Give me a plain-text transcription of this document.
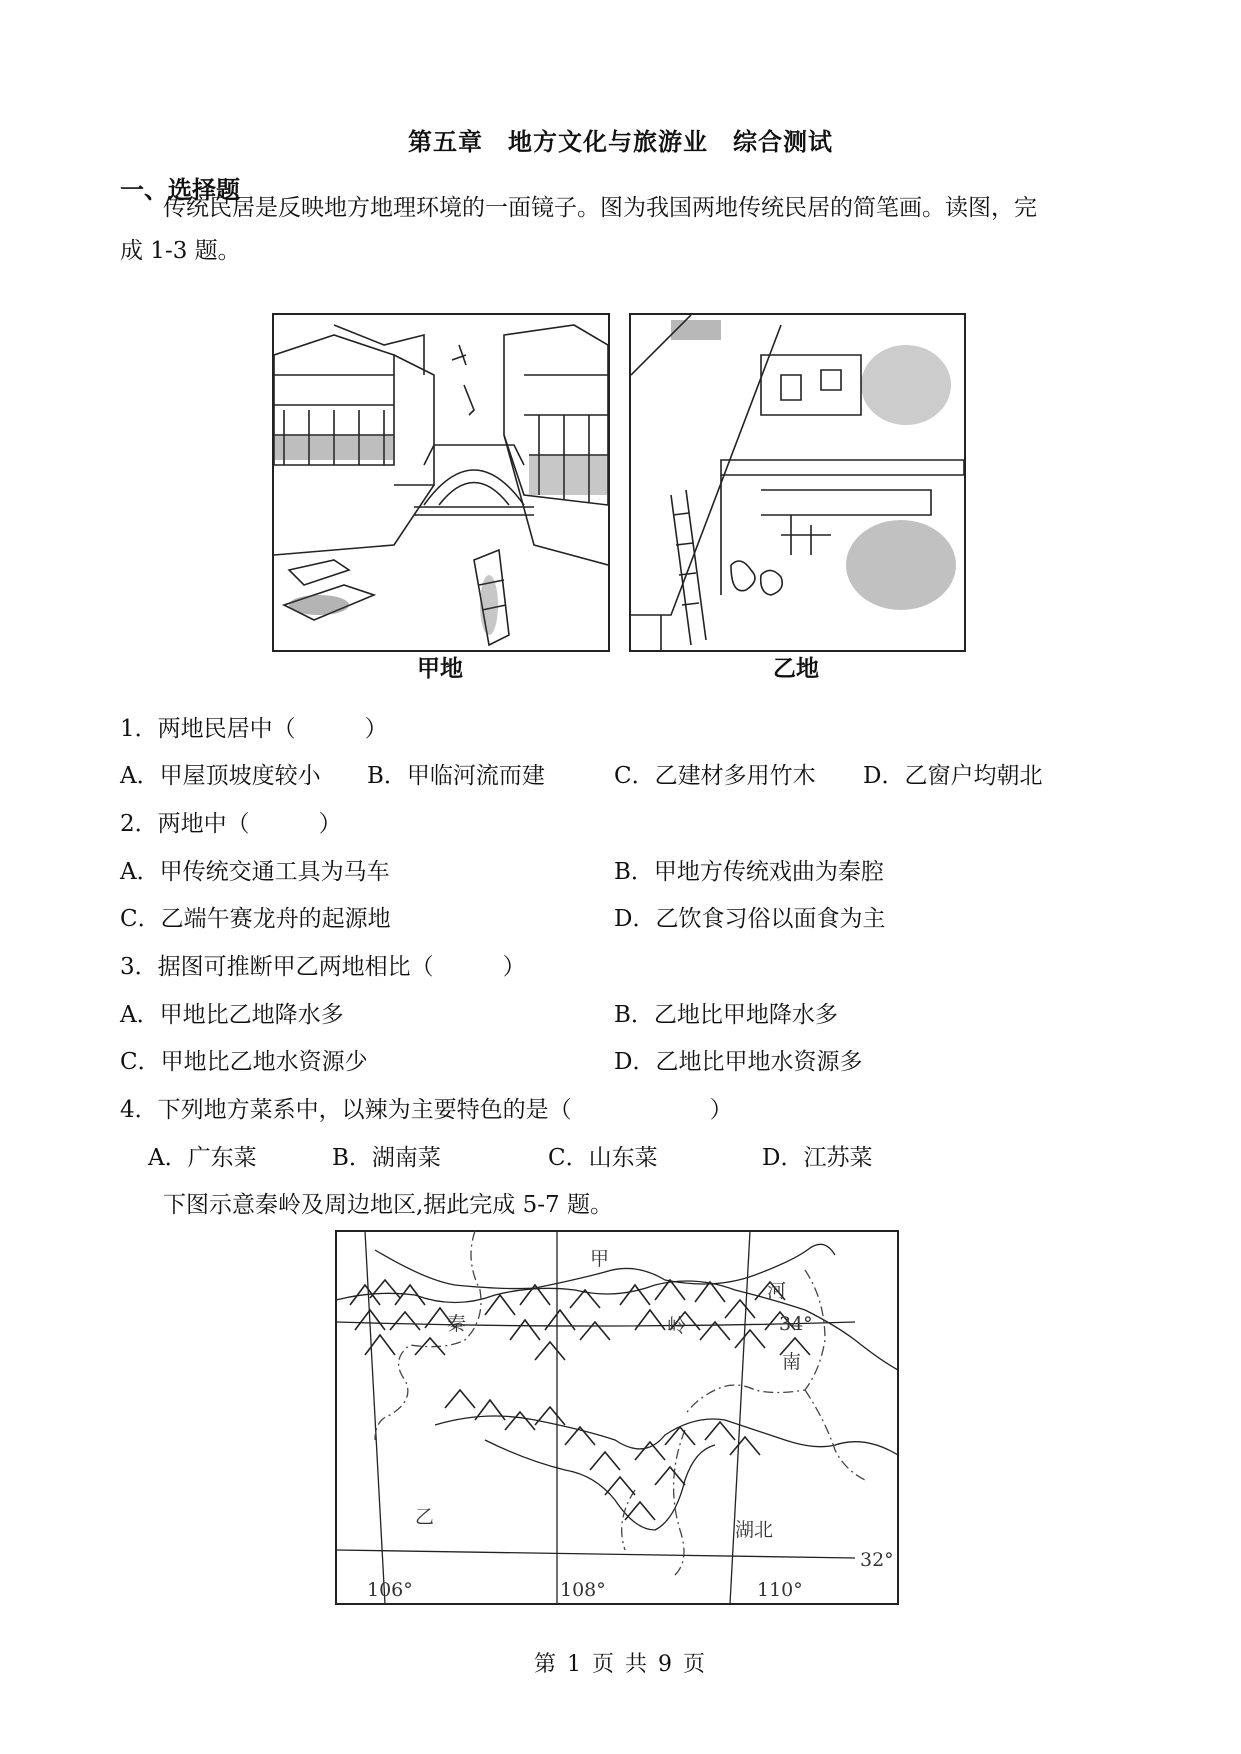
第五章　地方文化与旅游业　综合测试
一、选择题
传统民居是反映地方地理环境的一面镜子。图为我国两地传统民居的简笔画。读图，完
成 1-3 题。
甲地	乙地
1．两地民居中（　　　）
A．甲屋顶坡度较小 B．甲临河流而建	C．乙建材多用竹木 D．乙窗户均朝北
2．两地中（　　　）
A．甲传统交通工具为马车	B．甲地方传统戏曲为秦腔
C．乙端午赛龙舟的起源地	D．乙饮食习俗以面食为主
3．据图可推断甲乙两地相比（　　　）
A．甲地比乙地降水多	B．乙地比甲地降水多
C．甲地比乙地水资源少	D．乙地比甲地水资源多
4．下列地方菜系中，以辣为主要特色的是（　　　　　　）
A．广东菜	B．湖南菜	C．山东菜	D．江苏菜
下图示意秦岭及周边地区,据此完成 5-7 题。
甲
秦	岭
河
34°
南
乙
湖北
32°
106°	108°	110°
第 1 页 共 9 页
